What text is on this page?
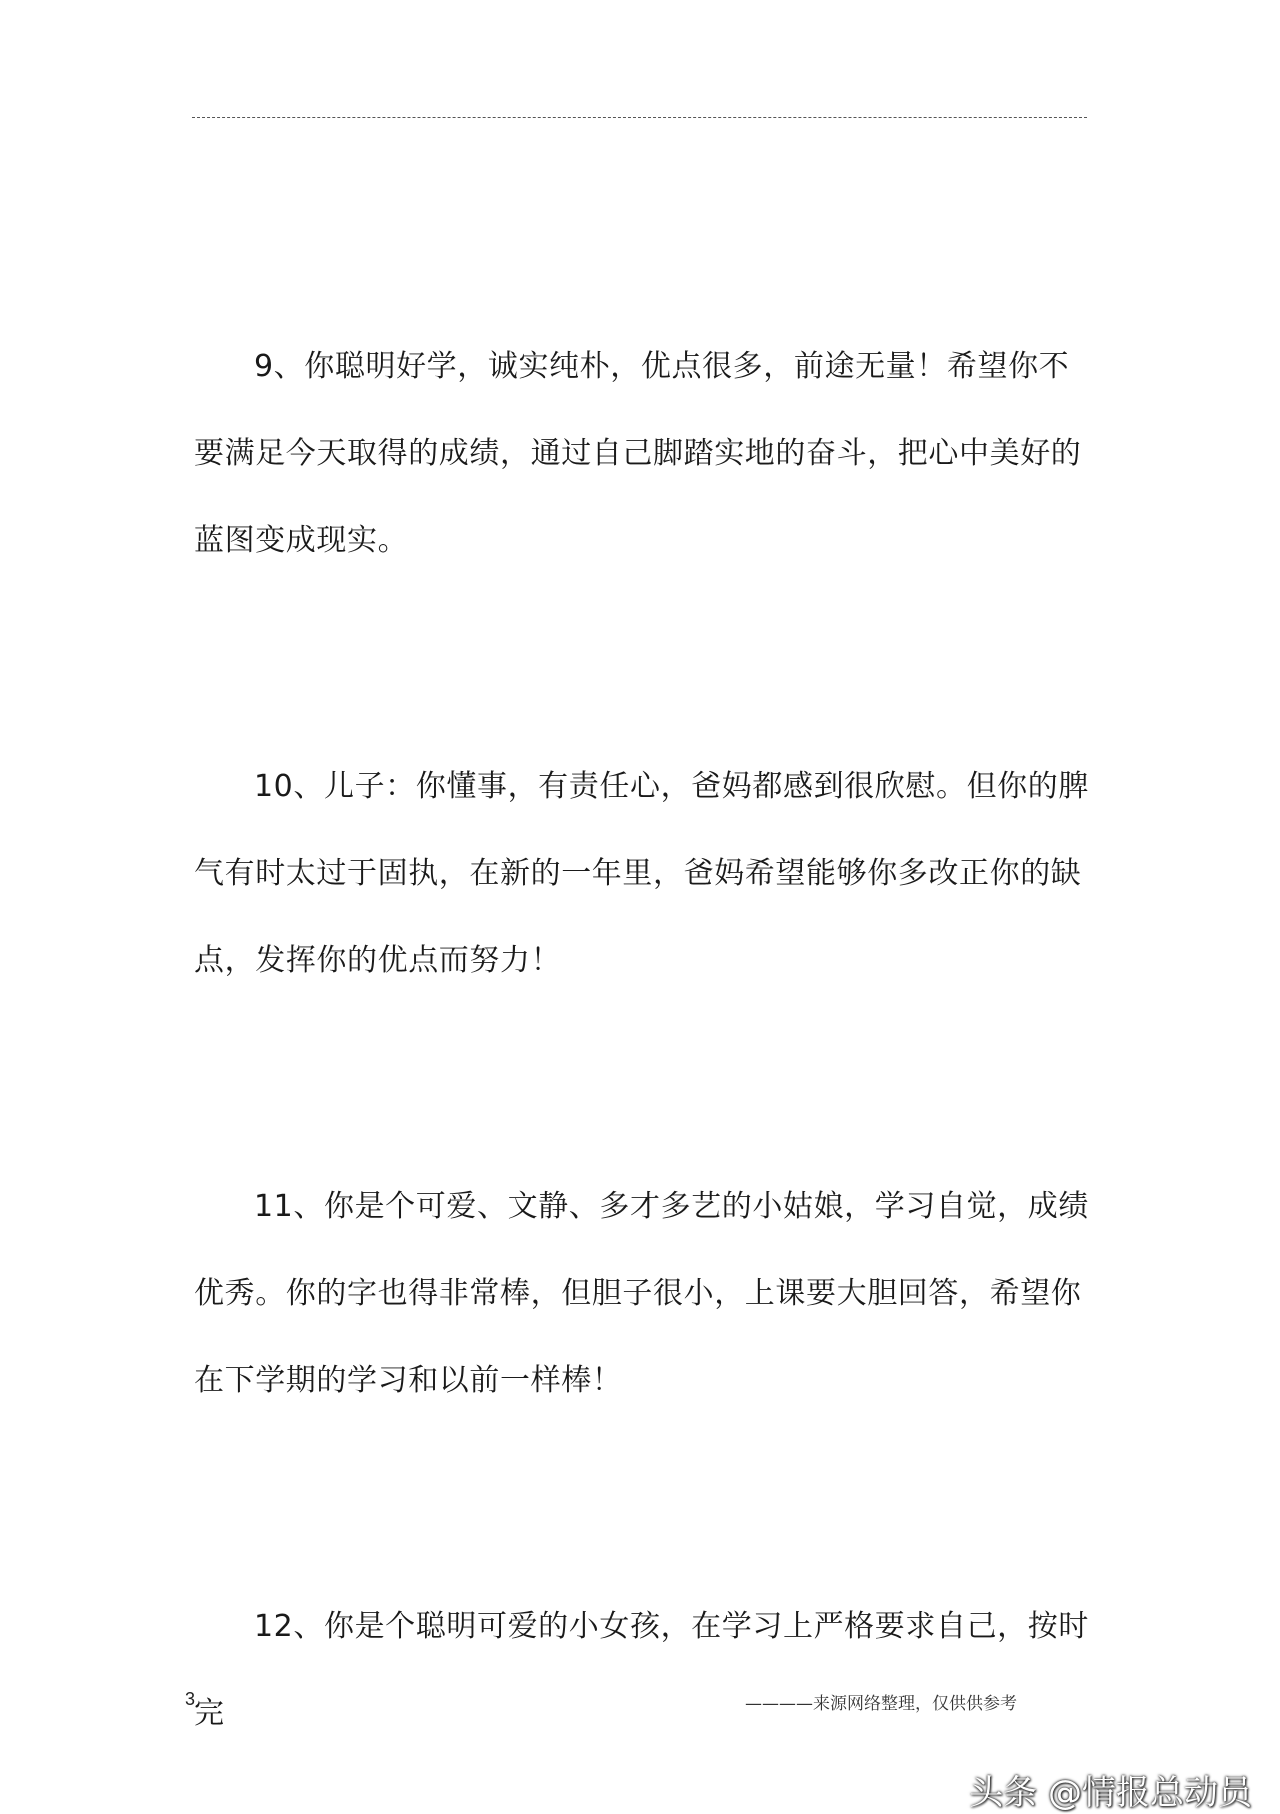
9、你聪明好学，诚实纯朴，优点很多，前途无量！希望你不要满足今天取得的成绩，通过自己脚踏实地的奋斗，把心中美好的蓝图变成现实。

10、儿子：你懂事，有责任心，爸妈都感到很欣慰。但你的脾气有时太过于固执，在新的一年里，爸妈希望能够你多改正你的缺点，发挥你的优点而努力！

11、你是个可爱、文静、多才多艺的小姑娘，学习自觉，成绩优秀。你的字也得非常棒，但胆子很小，上课要大胆回答，希望你在下学期的学习和以前一样棒！

12、你是个聪明可爱的小女孩，在学习上严格要求自己，按时完

3	————来源网络整理，仅供供参考
头条 @情报总动员
